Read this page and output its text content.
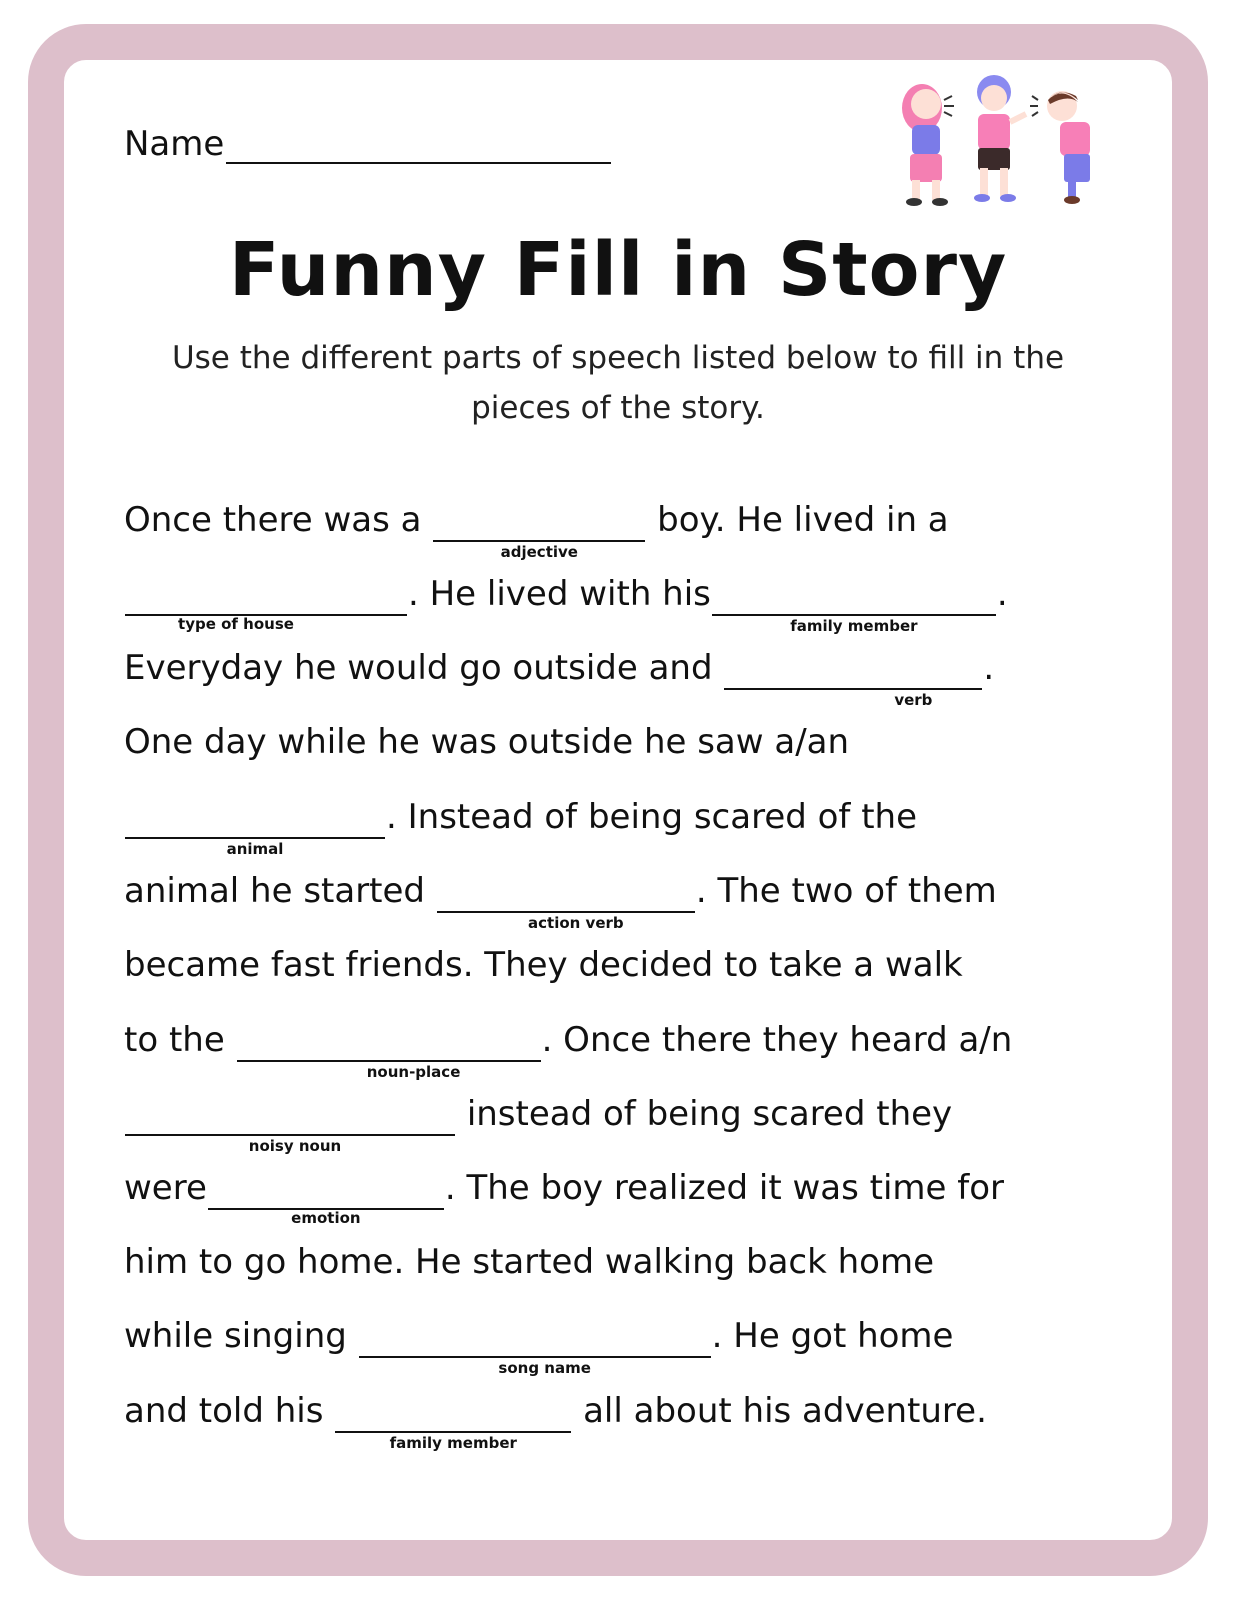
Name
Funny Fill in Story
Use the different parts of speech listed below to fill in the pieces of the story.
Once there was a

adjective

boy. He lived in a
type of house
. He lived with his
family member
.
Everyday he would go outside and

verb
.
One day while he was outside he saw a/an
animal
. Instead of being scared of the
animal he started

action verb
. The two of them
became fast friends. They decided to take a walk
to the

noun-place
. Once there they heard a/n
noisy noun

instead of being scared they
were
emotion
. The boy realized it was time for
him to go home. He started walking back home
while singing

song name
. He got home
and told his

family member

all about his adventure.
